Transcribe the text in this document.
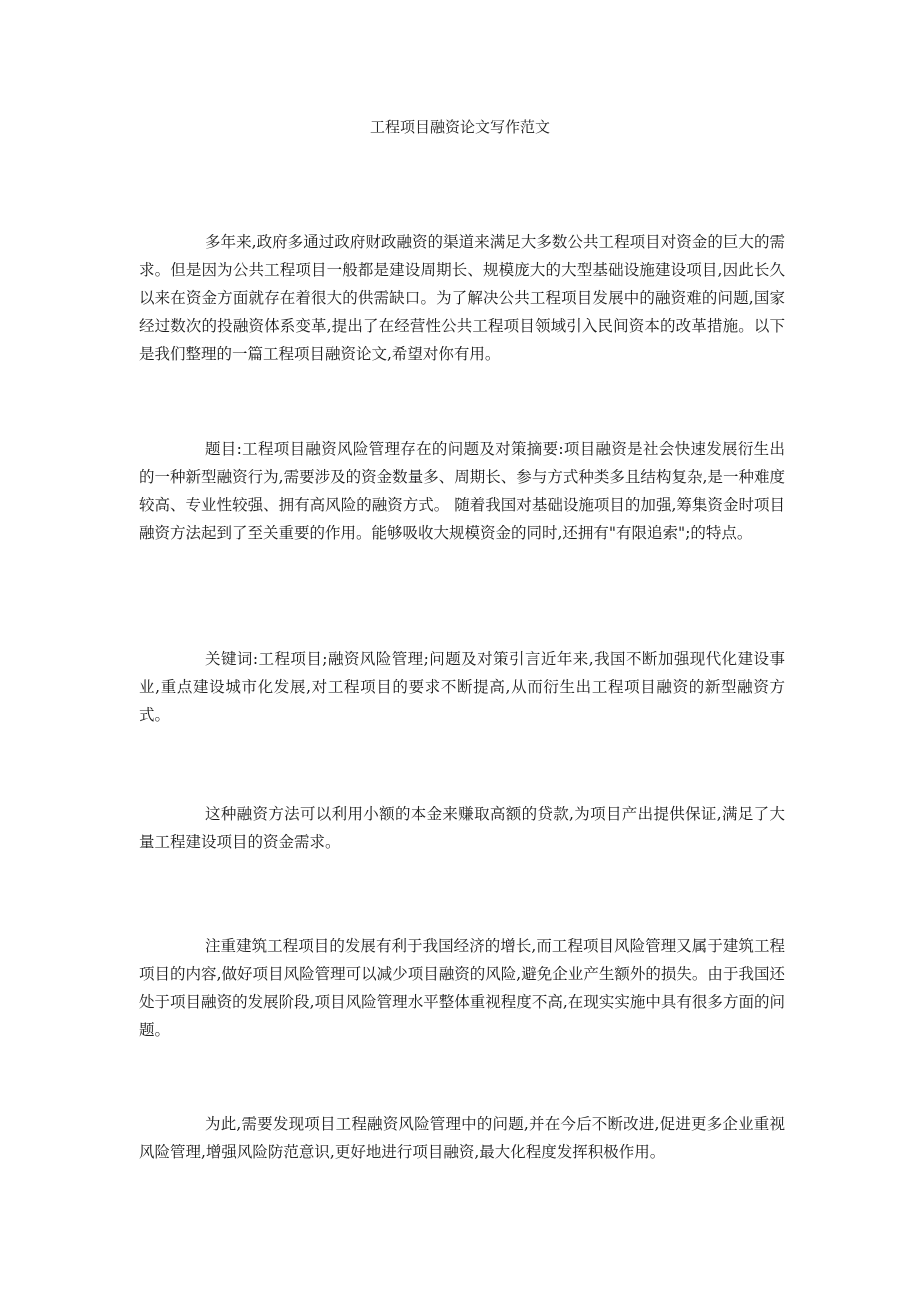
工程项目融资论文写作范文

多年来,政府多通过政府财政融资的渠道来满足大多数公共工程项目对资金的巨大的需求。但是因为公共工程项目一般都是建设周期长、规模庞大的大型基础设施建设项目,因此长久以来在资金方面就存在着很大的供需缺口。为了解决公共工程项目发展中的融资难的问题,国家经过数次的投融资体系变革,提出了在经营性公共工程项目领域引入民间资本的改革措施。以下是我们整理的一篇工程项目融资论文,希望对你有用。

题目:工程项目融资风险管理存在的问题及对策摘要:项目融资是社会快速发展衍生出的一种新型融资行为,需要涉及的资金数量多、周期长、参与方式种类多且结构复杂,是一种难度较高、专业性较强、拥有高风险的融资方式。 随着我国对基础设施项目的加强,筹集资金时项目融资方法起到了至关重要的作用。能够吸收大规模资金的同时,还拥有"有限追索";的特点。

关键词:工程项目;融资风险管理;问题及对策引言近年来,我国不断加强现代化建设事业,重点建设城市化发展,对工程项目的要求不断提高,从而衍生出工程项目融资的新型融资方式。

这种融资方法可以利用小额的本金来赚取高额的贷款,为项目产出提供保证,满足了大量工程建设项目的资金需求。

注重建筑工程项目的发展有利于我国经济的增长,而工程项目风险管理又属于建筑工程项目的内容,做好项目风险管理可以减少项目融资的风险,避免企业产生额外的损失。由于我国还处于项目融资的发展阶段,项目风险管理水平整体重视程度不高,在现实实施中具有很多方面的问题。

为此,需要发现项目工程融资风险管理中的问题,并在今后不断改进,促进更多企业重视风险管理,增强风险防范意识,更好地进行项目融资,最大化程度发挥积极作用。
